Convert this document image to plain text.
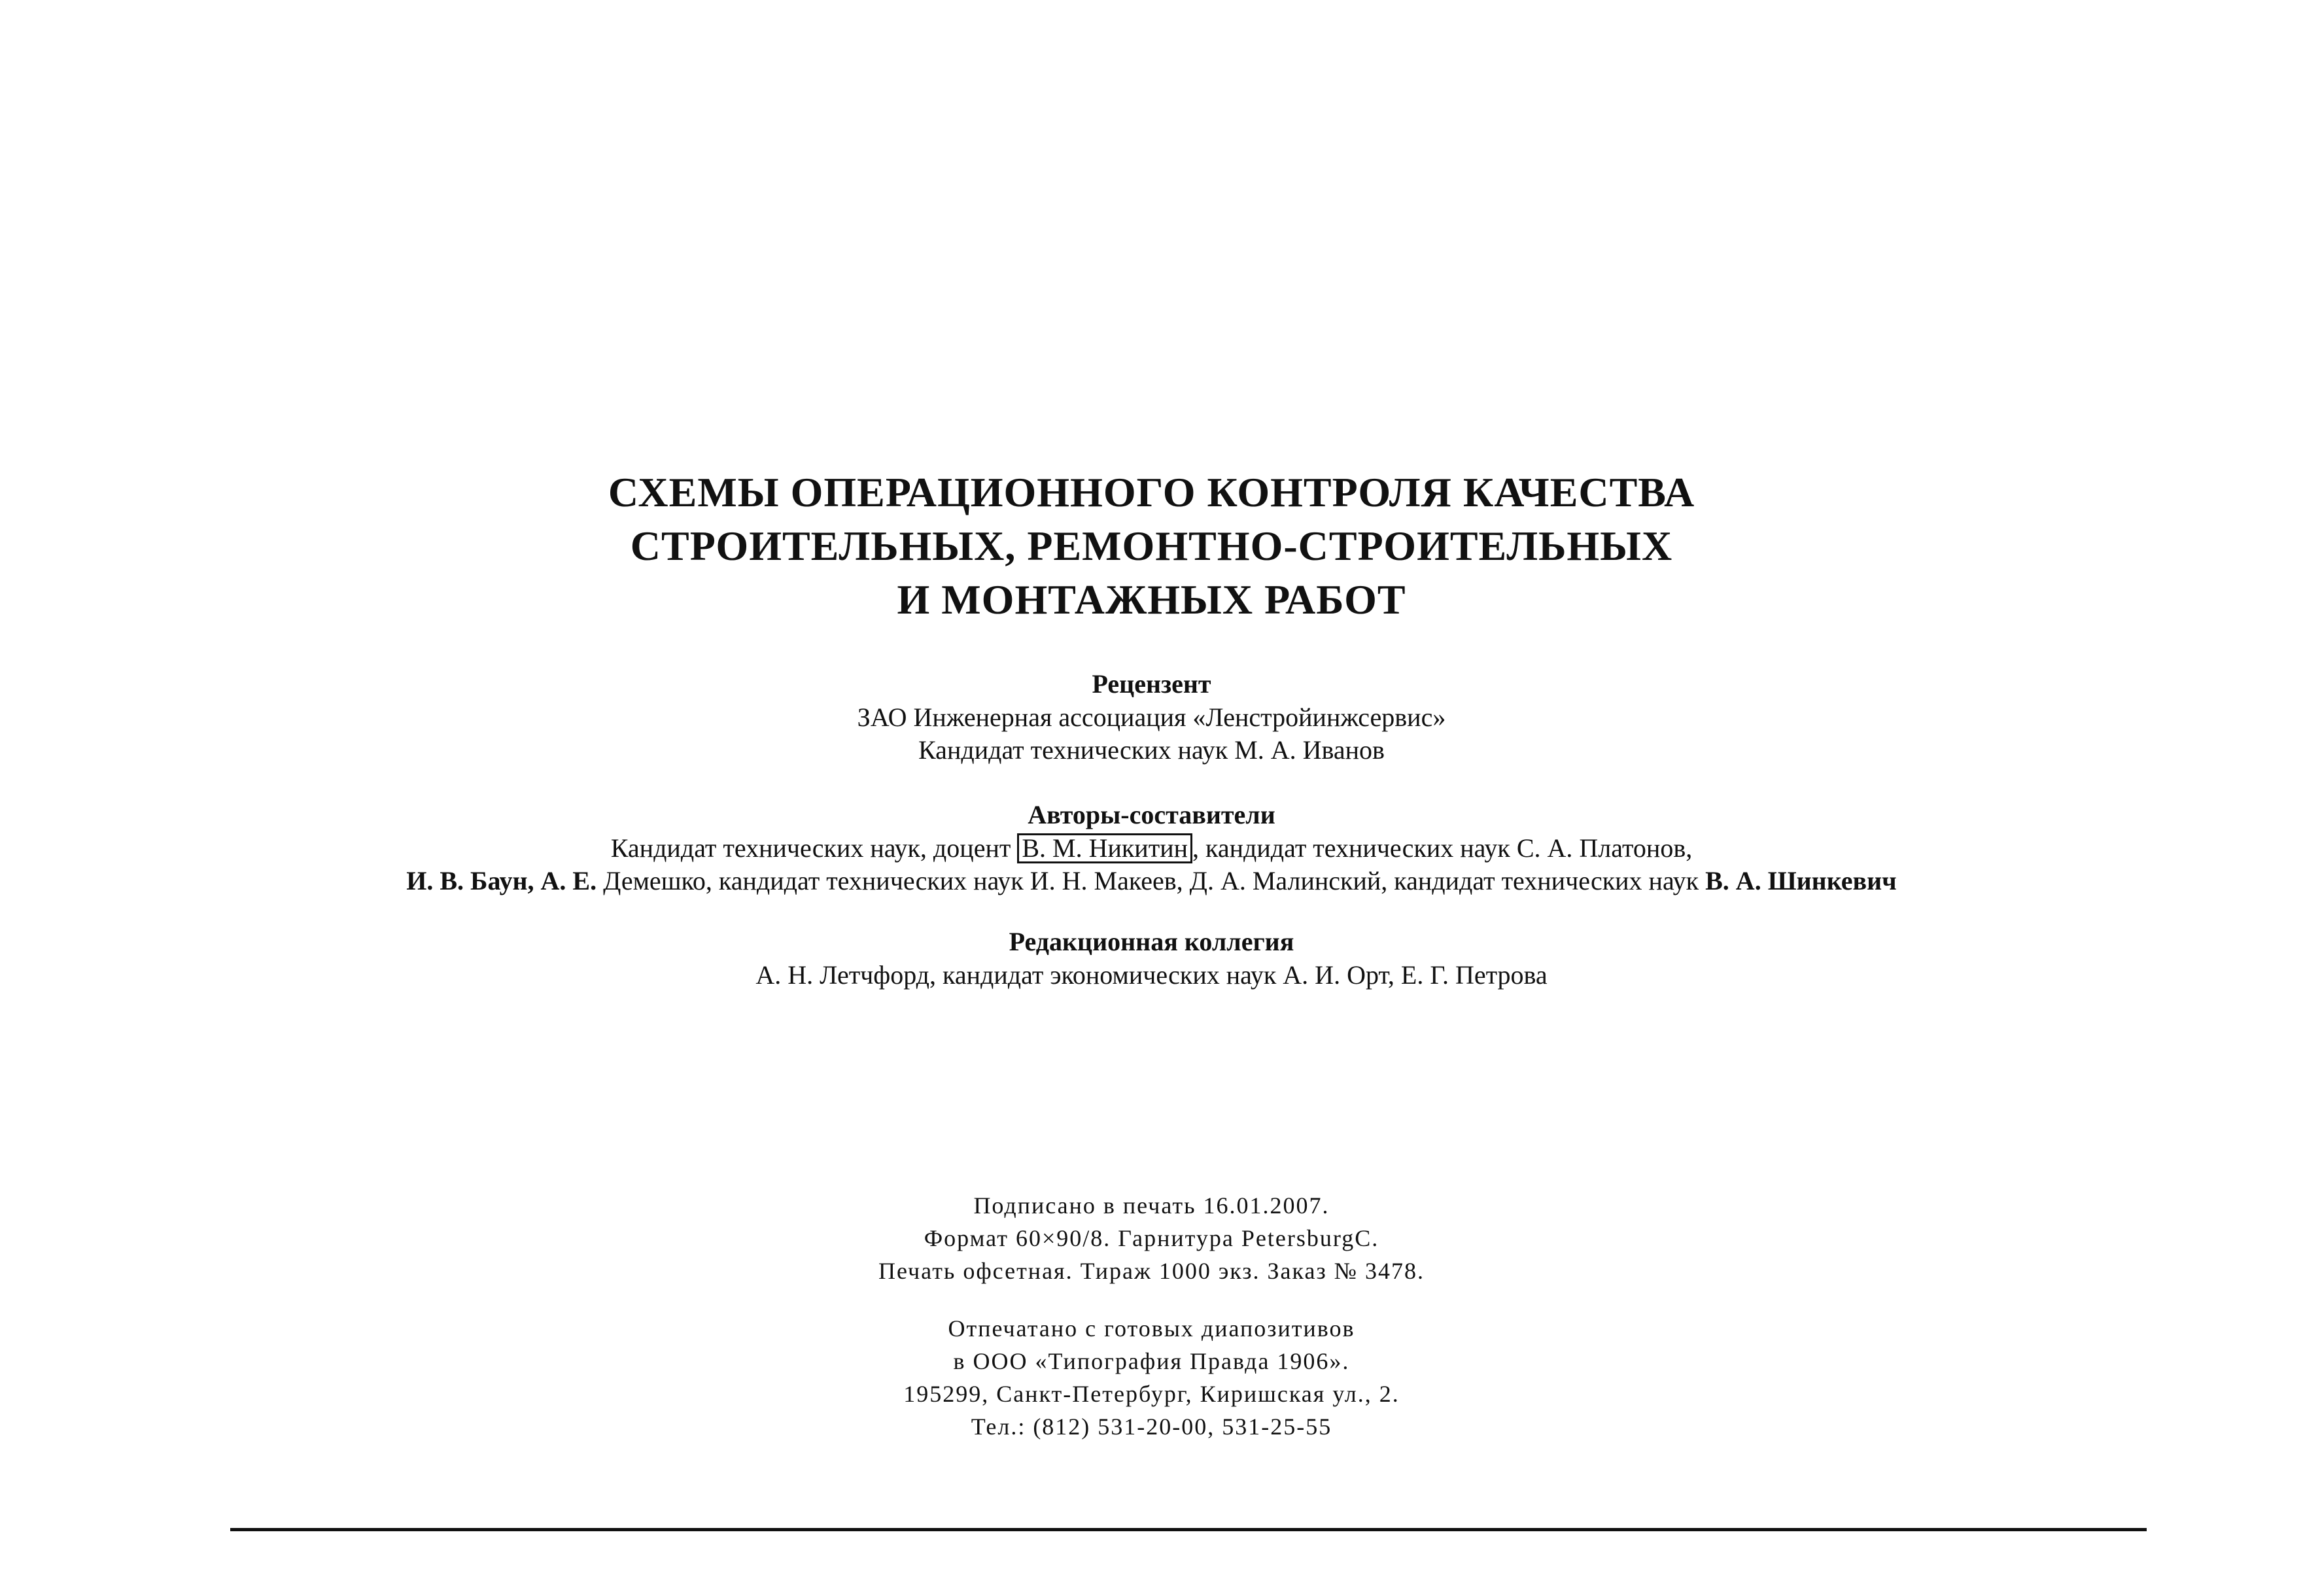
СХЕМЫ ОПЕРАЦИОННОГО КОНТРОЛЯ КАЧЕСТВА
СТРОИТЕЛЬНЫХ, РЕМОНТНО-СТРОИТЕЛЬНЫХ
И МОНТАЖНЫХ РАБОТ
Рецензент
ЗАО Инженерная ассоциация «Ленстройинжсервис»
Кандидат технических наук М. А. Иванов
Авторы-составители
Кандидат технических наук, доцент В. М. Никитин , кандидат технических наук С. А. Платонов,
И. В. Баун, А. Е. Демешко, кандидат технических наук И. Н. Макеев, Д. А. Малинский, кандидат технических наук В. А. Шинкевич
Редакционная коллегия
А. Н. Летчфорд, кандидат экономических наук А. И. Орт, Е. Г. Петрова
Подписано в печать 16.01.2007.
Формат 60×90/8. Гарнитура PetersburgC.
Печать офсетная. Тираж 1000 экз. Заказ № 3478.
Отпечатано с готовых диапозитивов
в ООО «Типография Правда 1906».
195299, Санкт-Петербург, Киришская ул., 2.
Тел.: (812) 531-20-00, 531-25-55
